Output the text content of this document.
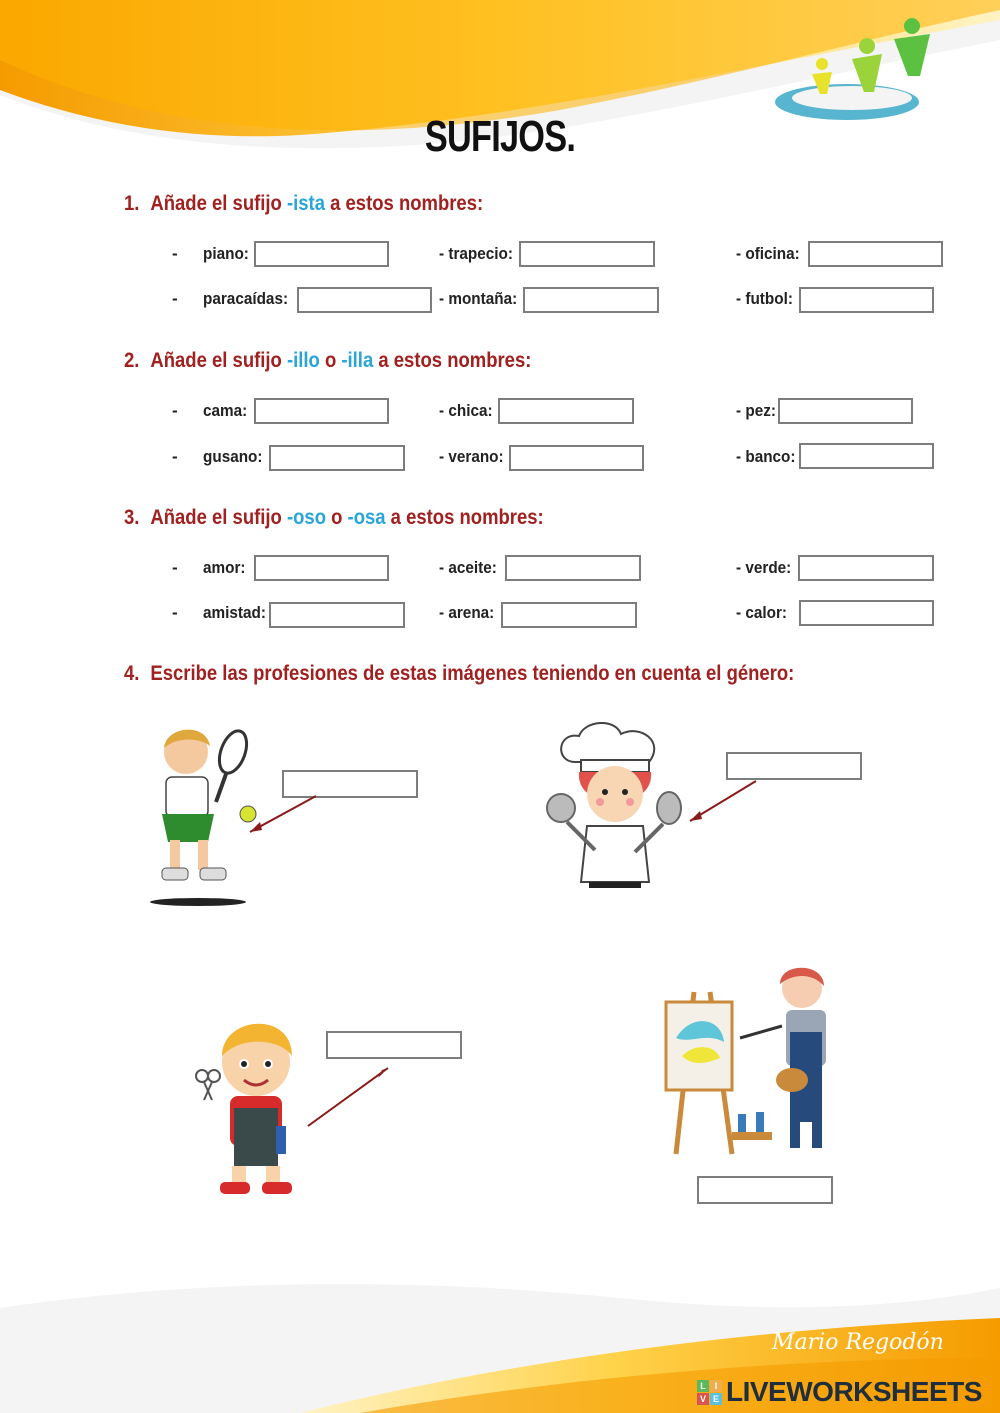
SUFIJOS.
1. Añade el sufijo -ista a estos nombres:
- piano:	- trapecio:	- oficina:
- paracaídas:	- montaña:	- futbol:
2. Añade el sufijo -illo o -illa a estos nombres:
- cama:	- chica:	- pez:
- gusano:	- verano:	- banco:
3. Añade el sufijo -oso o -osa a estos nombres:
- amor:	- aceite:	- verde:
- amistad:	- arena:	- calor:
4. Escribe las profesiones de estas imágenes teniendo en cuenta el género:
Mario Regodón
L I
V E LIVEWORKSHEETS
